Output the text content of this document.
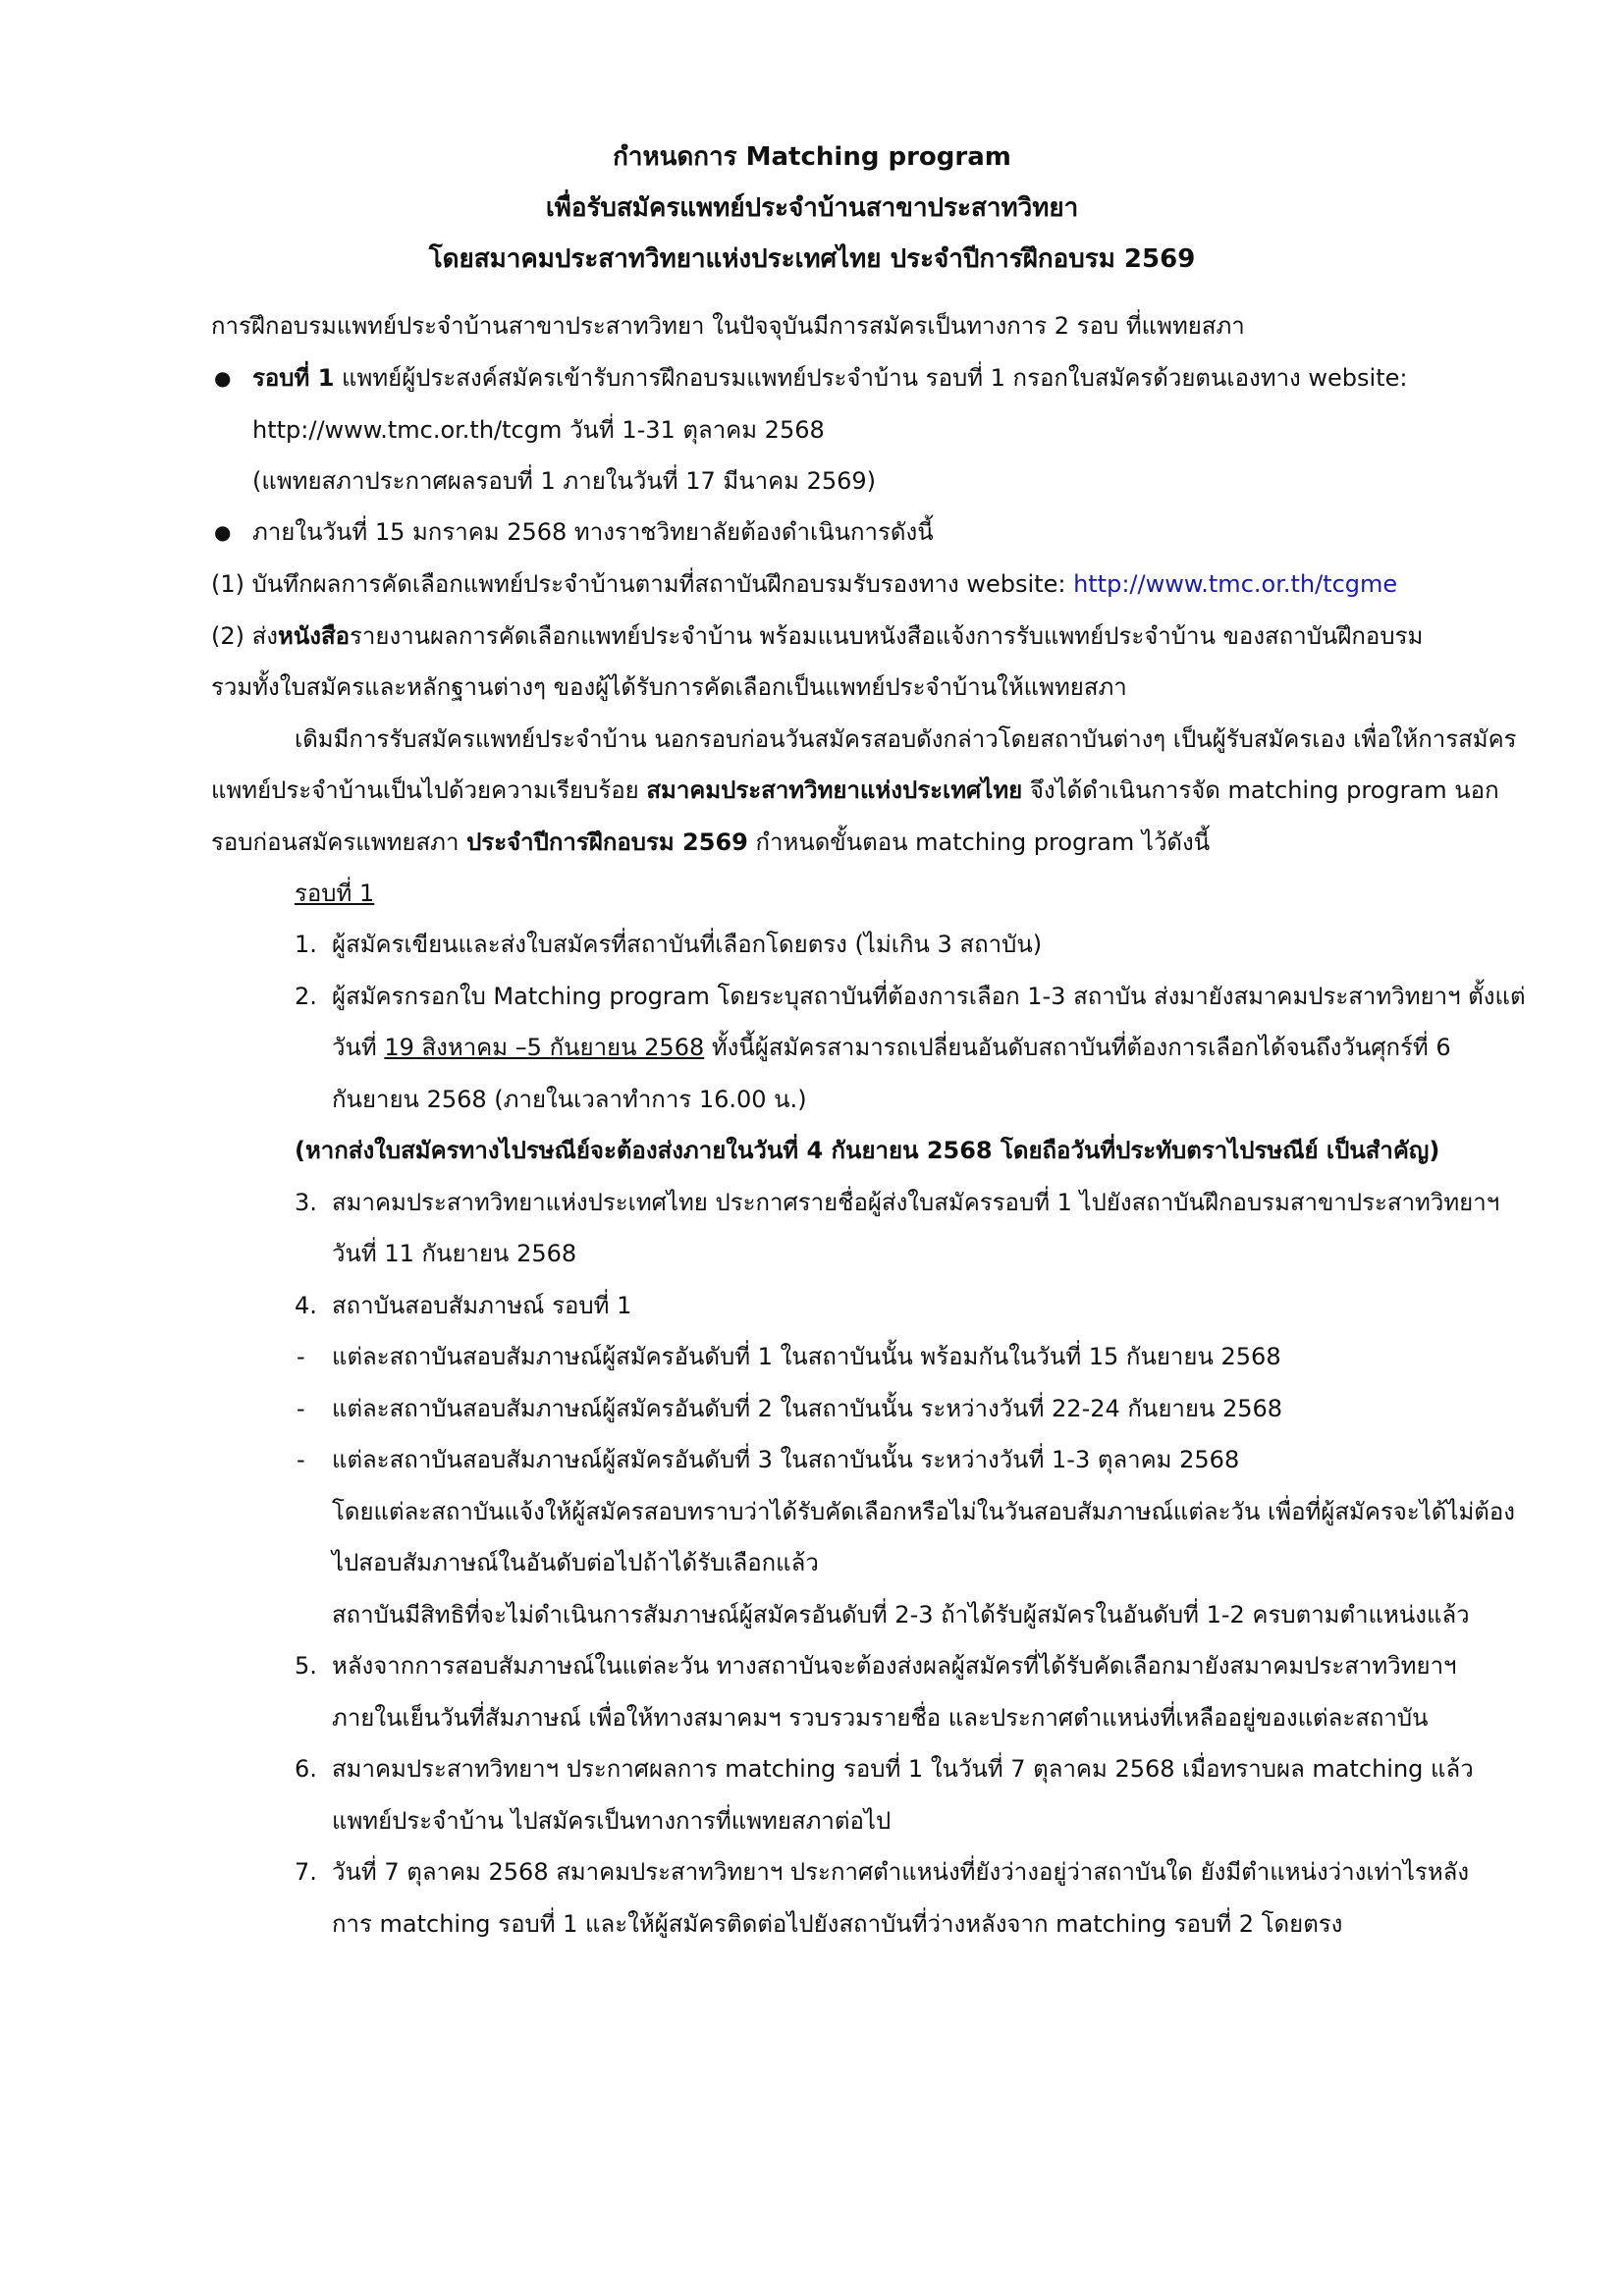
กำหนดการ Matching program
เพื่อรับสมัครแพทย์ประจำบ้านสาขาประสาทวิทยา
โดยสมาคมประสาทวิทยาแห่งประเทศไทย ประจำปีการฝึกอบรม 2569
การฝึกอบรมแพทย์ประจำบ้านสาขาประสาทวิทยา ในปัจจุบันมีการสมัครเป็นทางการ 2 รอบ ที่แพทยสภา
● รอบที่ 1 แพทย์ผู้ประสงค์สมัครเข้ารับการฝึกอบรมแพทย์ประจำบ้าน รอบที่ 1 กรอกใบสมัครด้วยตนเองทาง website:
http://www.tmc.or.th/tcgm วันที่ 1-31 ตุลาคม 2568
(แพทยสภาประกาศผลรอบที่ 1 ภายในวันที่ 17 มีนาคม 2569)
● ภายในวันที่ 15 มกราคม 2568 ทางราชวิทยาลัยต้องดำเนินการดังนี้
(1) บันทึกผลการคัดเลือกแพทย์ประจำบ้านตามที่สถาบันฝึกอบรมรับรองทาง website: http://www.tmc.or.th/tcgme
(2) ส่งหนังสือรายงานผลการคัดเลือกแพทย์ประจำบ้าน พร้อมแนบหนังสือแจ้งการรับแพทย์ประจำบ้าน ของสถาบันฝึกอบรม
รวมทั้งใบสมัครและหลักฐานต่างๆ ของผู้ได้รับการคัดเลือกเป็นแพทย์ประจำบ้านให้แพทยสภา
เดิมมีการรับสมัครแพทย์ประจำบ้าน นอกรอบก่อนวันสมัครสอบดังกล่าวโดยสถาบันต่างๆ เป็นผู้รับสมัครเอง เพื่อให้การสมัคร
แพทย์ประจำบ้านเป็นไปด้วยความเรียบร้อย สมาคมประสาทวิทยาแห่งประเทศไทย จึงได้ดำเนินการจัด matching program นอก
รอบก่อนสมัครแพทยสภา ประจำปีการฝึกอบรม 2569 กำหนดขั้นตอน matching program ไว้ดังนี้
รอบที่ 1
1. ผู้สมัครเขียนและส่งใบสมัครที่สถาบันที่เลือกโดยตรง (ไม่เกิน 3 สถาบัน)
2. ผู้สมัครกรอกใบ Matching program โดยระบุสถาบันที่ต้องการเลือก 1-3 สถาบัน ส่งมายังสมาคมประสาทวิทยาฯ ตั้งแต่
วันที่ 19 สิงหาคม –5 กันยายน 2568 ทั้งนี้ผู้สมัครสามารถเปลี่ยนอันดับสถาบันที่ต้องการเลือกได้จนถึงวันศุกร์ที่ 6
กันยายน 2568 (ภายในเวลาทำการ 16.00 น.)
(หากส่งใบสมัครทางไปรษณีย์จะต้องส่งภายในวันที่ 4 กันยายน 2568 โดยถือวันที่ประทับตราไปรษณีย์ เป็นสำคัญ)
3. สมาคมประสาทวิทยาแห่งประเทศไทย ประกาศรายชื่อผู้ส่งใบสมัครรอบที่ 1 ไปยังสถาบันฝึกอบรมสาขาประสาทวิทยาฯ
วันที่ 11 กันยายน 2568
4. สถาบันสอบสัมภาษณ์ รอบที่ 1
- แต่ละสถาบันสอบสัมภาษณ์ผู้สมัครอันดับที่ 1 ในสถาบันนั้น พร้อมกันในวันที่ 15 กันยายน 2568
- แต่ละสถาบันสอบสัมภาษณ์ผู้สมัครอันดับที่ 2 ในสถาบันนั้น ระหว่างวันที่ 22-24 กันยายน 2568
- แต่ละสถาบันสอบสัมภาษณ์ผู้สมัครอันดับที่ 3 ในสถาบันนั้น ระหว่างวันที่ 1-3 ตุลาคม 2568
โดยแต่ละสถาบันแจ้งให้ผู้สมัครสอบทราบว่าได้รับคัดเลือกหรือไม่ในวันสอบสัมภาษณ์แต่ละวัน เพื่อที่ผู้สมัครจะได้ไม่ต้อง
ไปสอบสัมภาษณ์ในอันดับต่อไปถ้าได้รับเลือกแล้ว
สถาบันมีสิทธิที่จะไม่ดำเนินการสัมภาษณ์ผู้สมัครอันดับที่ 2-3 ถ้าได้รับผู้สมัครในอันดับที่ 1-2 ครบตามตำแหน่งแล้ว
5. หลังจากการสอบสัมภาษณ์ในแต่ละวัน ทางสถาบันจะต้องส่งผลผู้สมัครที่ได้รับคัดเลือกมายังสมาคมประสาทวิทยาฯ
ภายในเย็นวันที่สัมภาษณ์ เพื่อให้ทางสมาคมฯ รวบรวมรายชื่อ และประกาศตำแหน่งที่เหลืออยู่ของแต่ละสถาบัน
6. สมาคมประสาทวิทยาฯ ประกาศผลการ matching รอบที่ 1 ในวันที่ 7 ตุลาคม 2568 เมื่อทราบผล matching แล้ว
แพทย์ประจำบ้าน ไปสมัครเป็นทางการที่แพทยสภาต่อไป
7. วันที่ 7 ตุลาคม 2568 สมาคมประสาทวิทยาฯ ประกาศตำแหน่งที่ยังว่างอยู่ว่าสถาบันใด ยังมีตำแหน่งว่างเท่าไรหลัง
การ matching รอบที่ 1 และให้ผู้สมัครติดต่อไปยังสถาบันที่ว่างหลังจาก matching รอบที่ 2 โดยตรง
